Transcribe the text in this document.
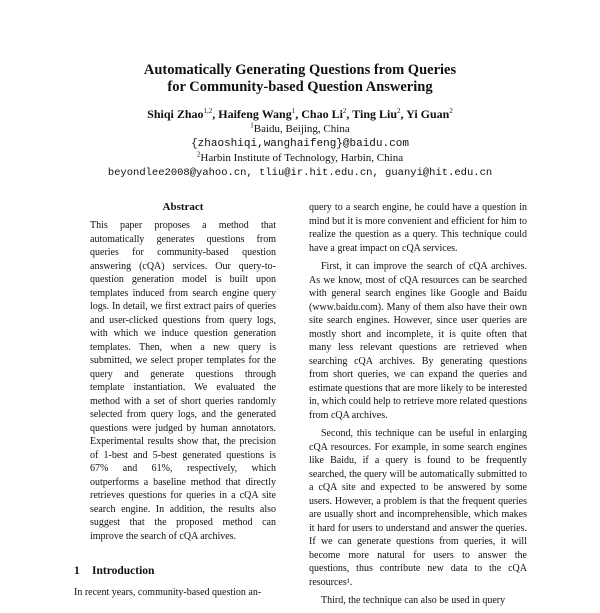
Automatically Generating Questions from Queries
for Community-based Question Answering
Shiqi Zhao$^{1,2}$, Haifeng Wang$^1$, Chao Li$^2$, Ting Liu$^2$, Yi Guan$^2$
$^1$Baidu, Beijing, China
{zhaoshiqi,wanghaifeng}@baidu.com
$^2$Harbin Institute of Technology, Harbin, China
beyondlee2008@yahoo.cn, tliu@ir.hit.edu.cn, guanyi@hit.edu.cn
Abstract

This paper proposes a method that automatically generates questions from queries for community-based question answering (cQA) services. Our query-to-question generation model is built upon templates induced from search engine query logs. In detail, we first extract pairs of queries and user-clicked questions from query logs, with which we induce question generation templates. Then, when a new query is submitted, we select proper templates for the query and generate questions through template instantiation. We evaluated the method with a set of short queries randomly selected from query logs, and the generated questions were judged by human annotators. Experimental results show that, the precision of 1-best and 5-best generated questions is 67% and 61%, respectively, which outperforms a baseline method that directly retrieves questions for queries in a cQA site search engine. In addition, the results also suggest that the proposed method can improve the search of cQA archives.

1 Introduction

In recent years, community-based question an-

query to a search engine, he could have a question in mind but it is more convenient and efficient for him to realize the question as a query. This technique could have a great impact on cQA services.

First, it can improve the search of cQA archives. As we know, most of cQA resources can be searched with general search engines like Google and Baidu (www.baidu.com). Many of them also have their own site search engines. However, since user queries are mostly short and incomplete, it is quite often that many less relevant questions are retrieved when searching cQA archives. By generating questions from short queries, we can expand the queries and estimate questions that are more likely to be interested in, which could help to retrieve more related questions from cQA archives.

Second, this technique can be useful in enlarging cQA resources. For example, in some search engines like Baidu, if a query is found to be frequently searched, the query will be automatically submitted to a cQA site and expected to be answered by some users. However, a problem is that the frequent queries are usually short and incomprehensible, which makes it hard for users to understand and answer the queries. If we can generate questions from queries, it will become more natural for users to answer the questions, thus contribute new data to the cQA resources¹.

Third, the technique can also be used in query
